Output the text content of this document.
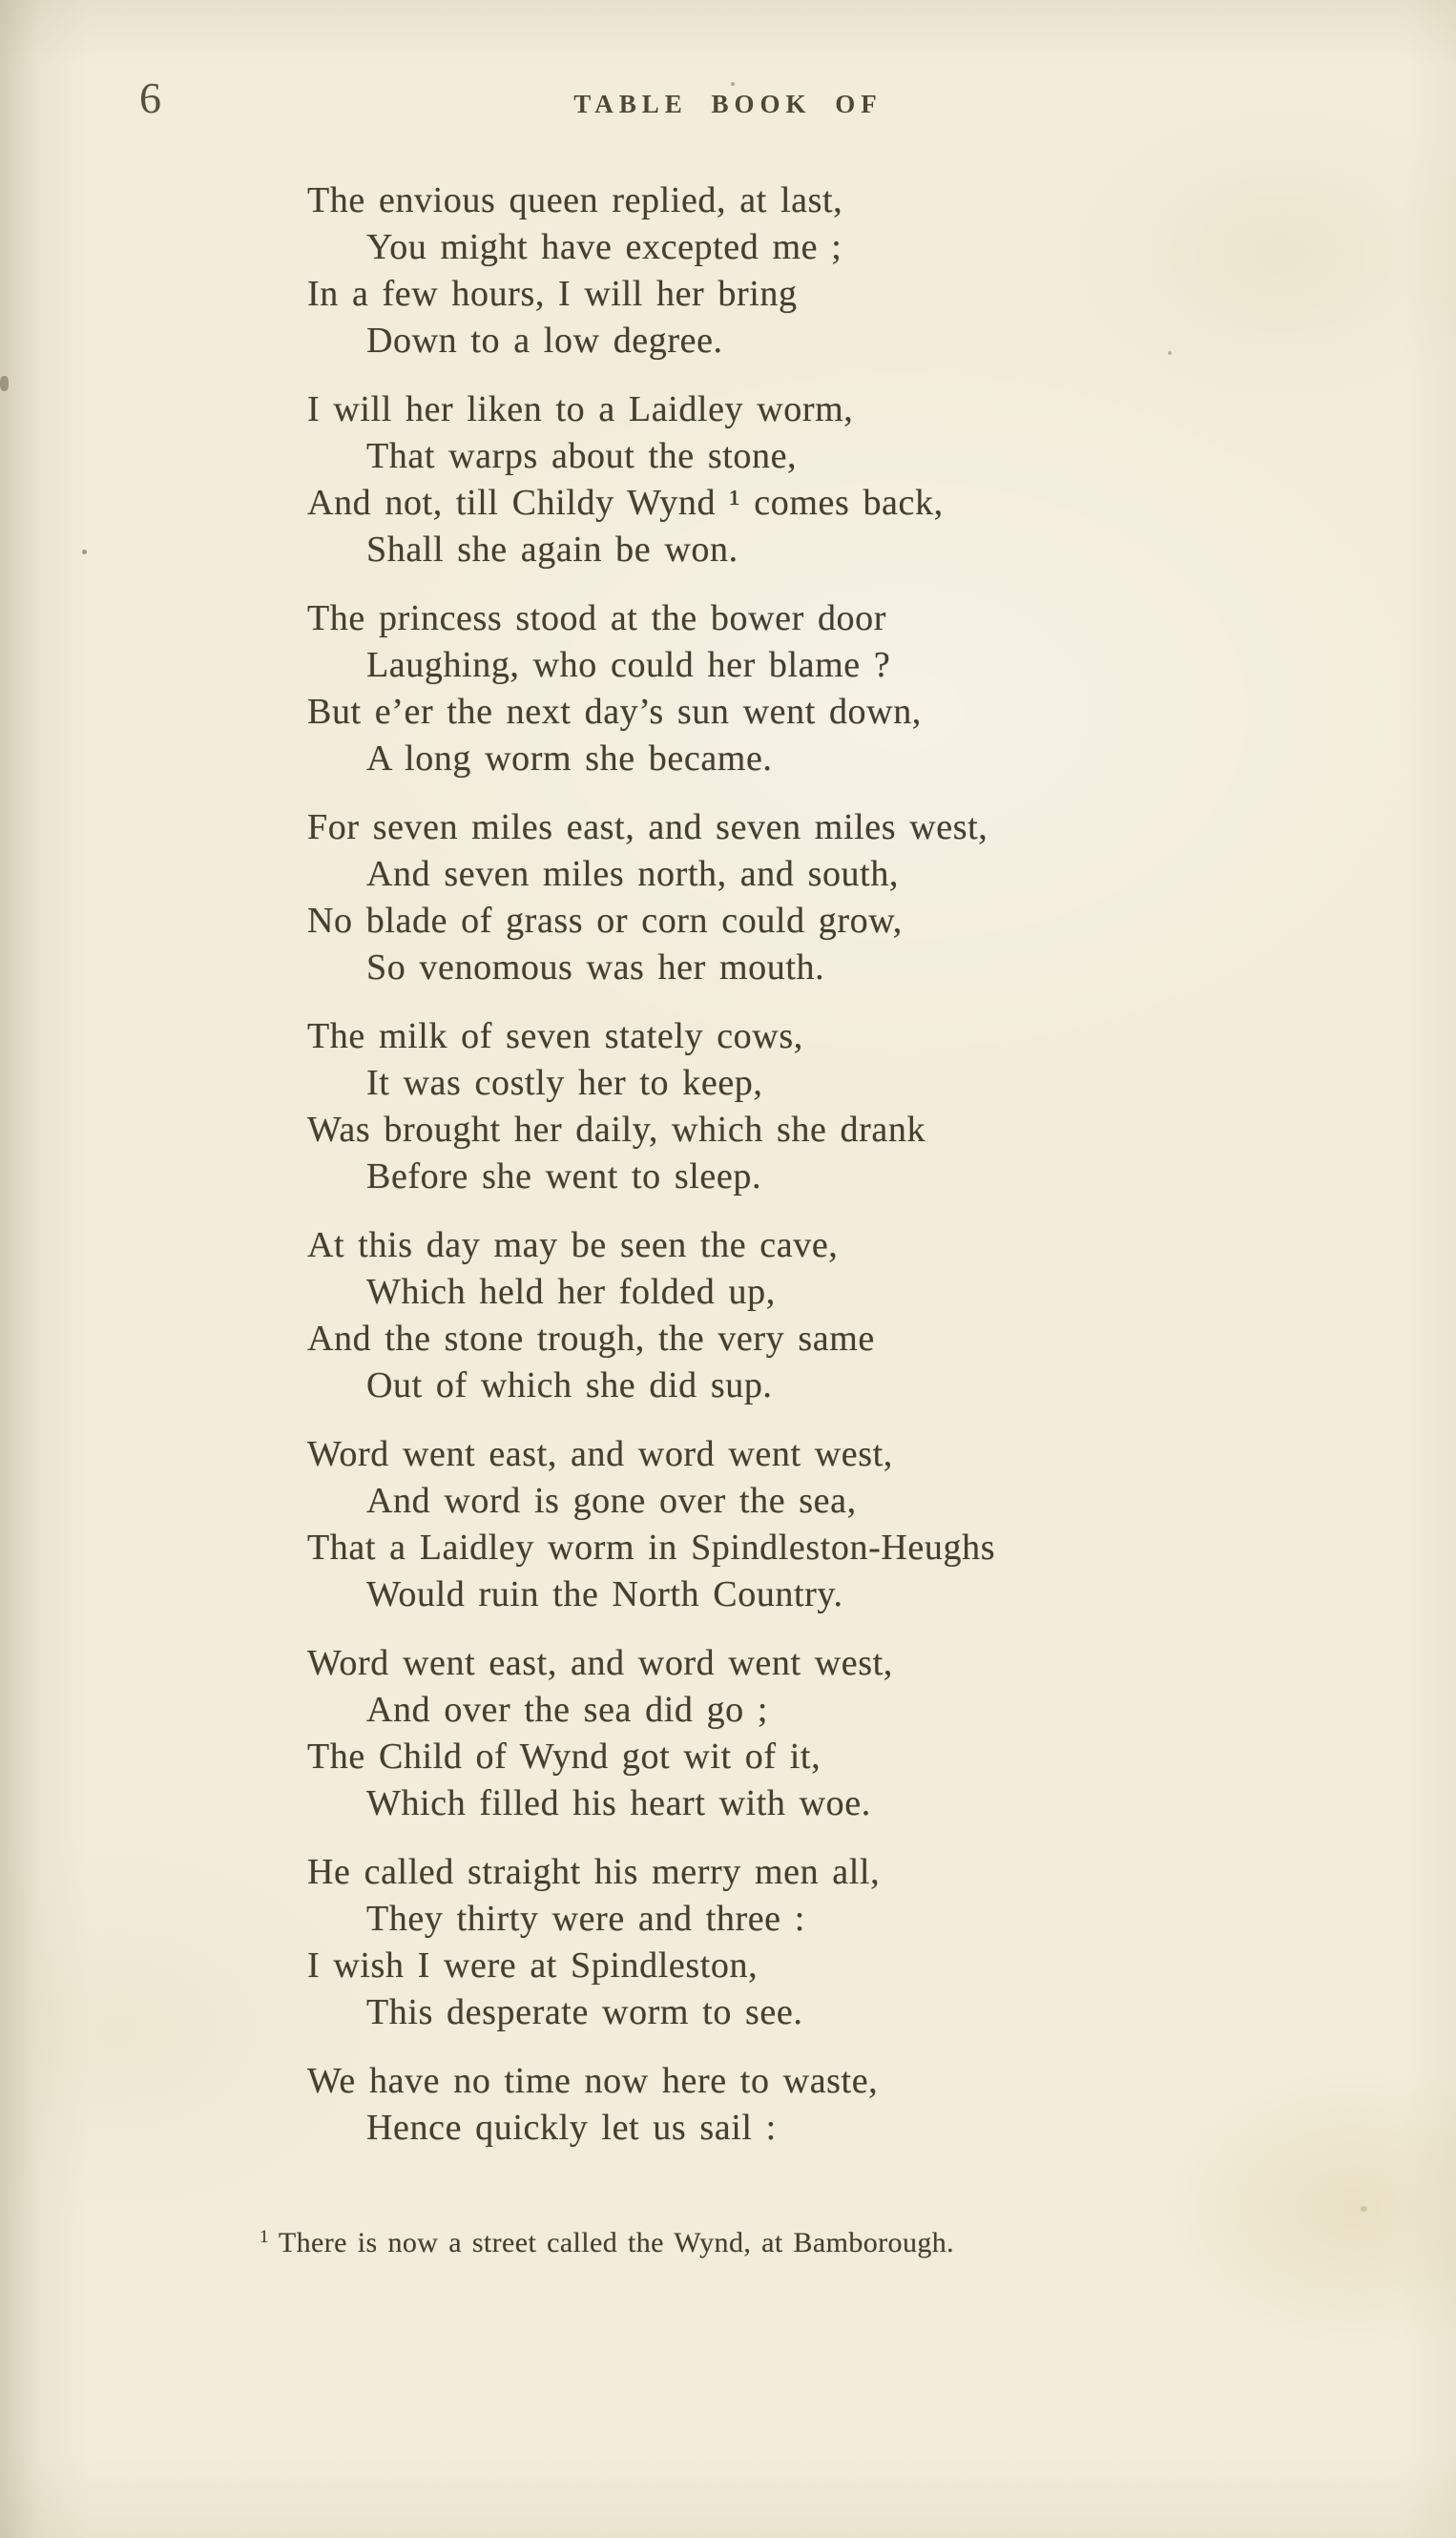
6	TABLE BOOK OF
The envious queen replied, at last,
You might have excepted me ;
In a few hours, I will her bring
Down to a low degree.
I will her liken to a Laidley worm,
That warps about the stone,
And not, till Childy Wynd ¹ comes back,
Shall she again be won.
The princess stood at the bower door
Laughing, who could her blame ?
But e’er the next day’s sun went down,
A long worm she became.
For seven miles east, and seven miles west,
And seven miles north, and south,
No blade of grass or corn could grow,
So venomous was her mouth.
The milk of seven stately cows,
It was costly her to keep,
Was brought her daily, which she drank
Before she went to sleep.
At this day may be seen the cave,
Which held her folded up,
And the stone trough, the very same
Out of which she did sup.
Word went east, and word went west,
And word is gone over the sea,
That a Laidley worm in Spindleston-Heughs
Would ruin the North Country.
Word went east, and word went west,
And over the sea did go ;
The Child of Wynd got wit of it,
Which filled his heart with woe.
He called straight his merry men all,
They thirty were and three :
I wish I were at Spindleston,
This desperate worm to see.
We have no time now here to waste,
Hence quickly let us sail :
$^1$ There is now a street called the Wynd, at Bamborough.
